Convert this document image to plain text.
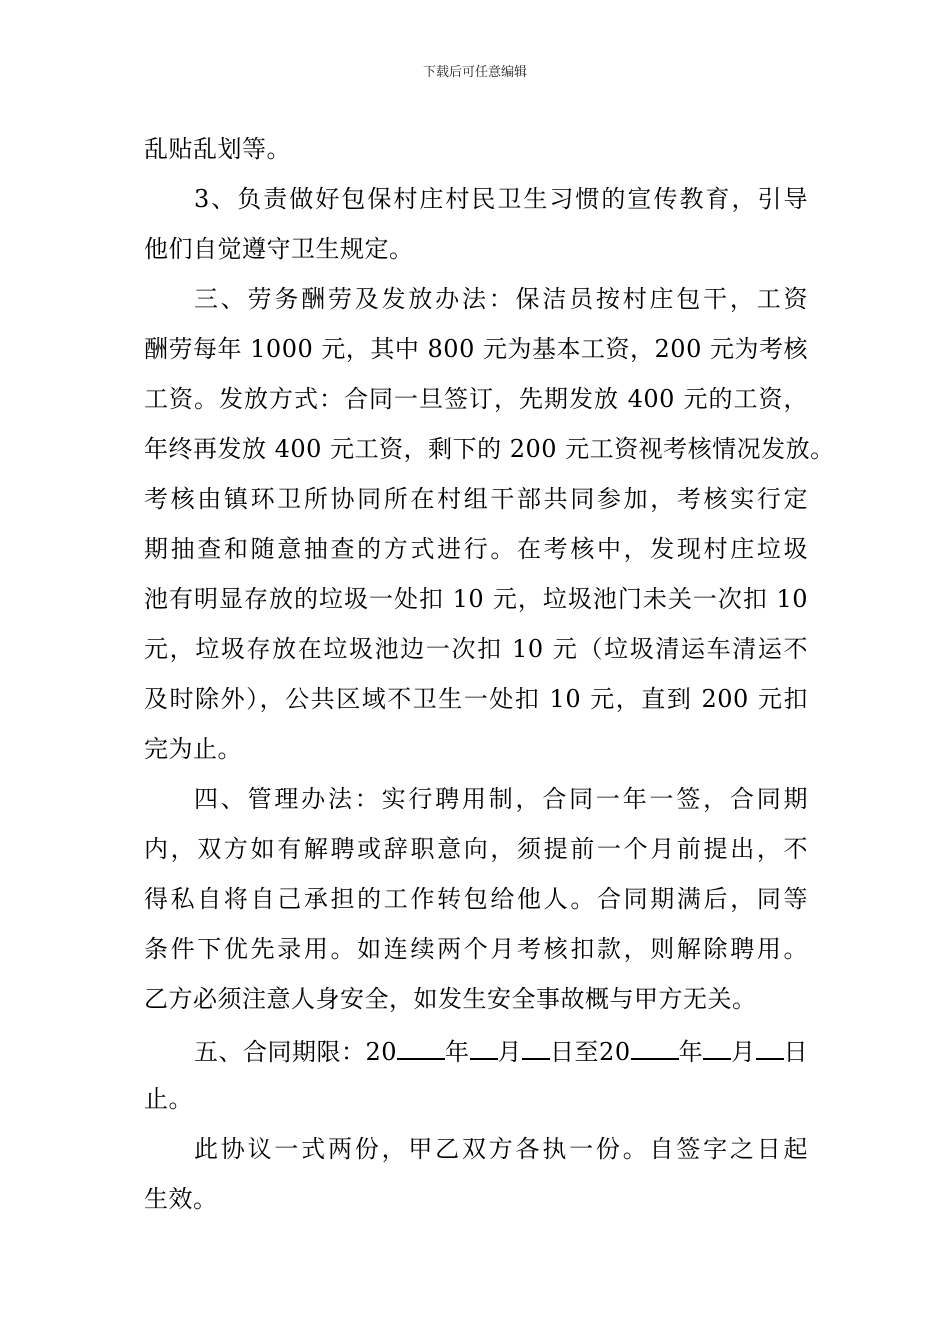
下载后可任意编辑
乱贴乱划等。
3、负责做好包保村庄村民卫生习惯的宣传教育，引导
他们自觉遵守卫生规定。
三、劳务酬劳及发放办法：保洁员按村庄包干，工资
酬劳每年 1000 元，其中 800 元为基本工资，200 元为考核
工资。发放方式：合同一旦签订，先期发放 400 元的工资，
年终再发放 400 元工资，剩下的 200 元工资视考核情况发放。
考核由镇环卫所协同所在村组干部共同参加，考核实行定
期抽查和随意抽查的方式进行。在考核中，发现村庄垃圾
池有明显存放的垃圾一处扣 10 元，垃圾池门未关一次扣 10
元，垃圾存放在垃圾池边一次扣 10 元（垃圾清运车清运不
及时除外），公共区域不卫生一处扣 10 元，直到 200 元扣
完为止。
四、管理办法：实行聘用制，合同一年一签，合同期
内，双方如有解聘或辞职意向，须提前一个月前提出，不
得私自将自己承担的工作转包给他人。合同期满后，同等
条件下优先录用。如连续两个月考核扣款，则解除聘用。
乙方必须注意人身安全，如发生安全事故概与甲方无关。
五、合同期限：20 年 月 日至20 年 月 日
止。
此协议一式两份，甲乙双方各执一份。自签字之日起
生效。
